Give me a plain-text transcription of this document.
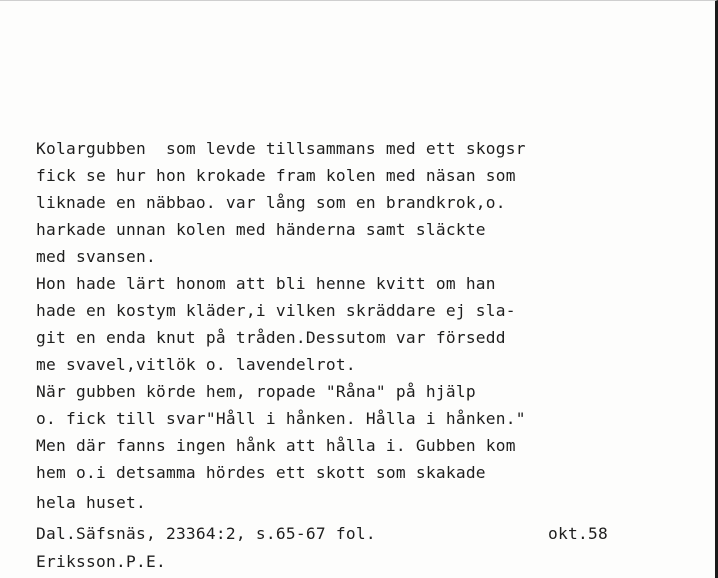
Kolargubben  som levde tillsammans med ett skogsr

fick se hur hon krokade fram kolen med näsan som

liknade en näbbao. var lång som en brandkrok,o.

harkade unnan kolen med händerna samt släckte

med svansen.

Hon hade lärt honom att bli henne kvitt om han

hade en kostym kläder,i vilken skräddare ej sla-

git en enda knut på tråden.Dessutom var försedd

me svavel,vitlök o. lavendelrot.

När gubben körde hem, ropade "Råna" på hjälp

o. fick till svar"Håll i hånken. Hålla i hånken."

Men där fanns ingen hånk att hålla i. Gubben kom

hem o.i detsamma hördes ett skott som skakade

hela huset.

Dal.Säfsnäs, 23364:2, s.65-67 fol.	okt.58

Eriksson.P.E.
